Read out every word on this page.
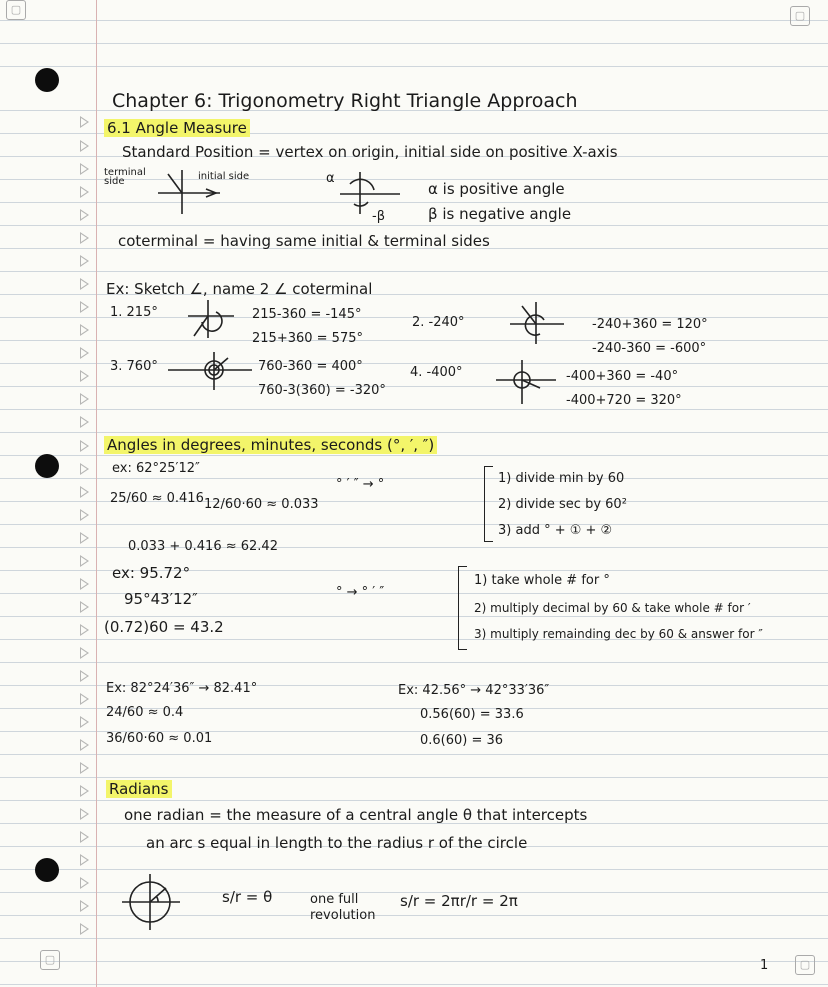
▢	▢
▢	▢
Chapter 6: Trigonometry Right Triangle Approach
6.1 Angle Measure
Standard Position = vertex on origin, initial side on positive X-axis
terminal side	initial side	α
-β
α is positive angle
β is negative angle
coterminal = having same initial & terminal sides
Ex: Sketch ∠, name 2 ∠ coterminal
1. 215°	215-360 = -145°
215+360 = 575°
2. -240°	-240+360 = 120°
-240-360 = -600°
3. 760°	760-360 = 400°
760-3(360) = -320°
4. -400°	-400+360 = -40°
-400+720 = 320°
Angles in degrees, minutes, seconds (°, ′, ″)
ex: 62°25′12″
25/60 ≈ 0.416 12/60·60 ≈ 0.033
0.033 + 0.416 ≈ 62.42
° ′ ″ → °	1) divide min by 60
2) divide sec by 60²
3) add ° + ① + ②
ex: 95.72°
95°43′12″
(0.72)60 = 43.2
° → ° ′ ″
1) take whole # for °
2) multiply decimal by 60 & take whole # for ′
3) multiply remainding dec by 60 & answer for ″
Ex: 82°24′36″ → 82.41°
24/60 ≈ 0.4
36/60·60 ≈ 0.01
Ex: 42.56° → 42°33′36″
0.56(60) = 33.6
0.6(60) = 36
Radians
one radian = the measure of a central angle θ that intercepts
an arc s equal in length to the radius r of the circle
s/r = θ	one full revolution
s/r = 2πr/r = 2π
1
